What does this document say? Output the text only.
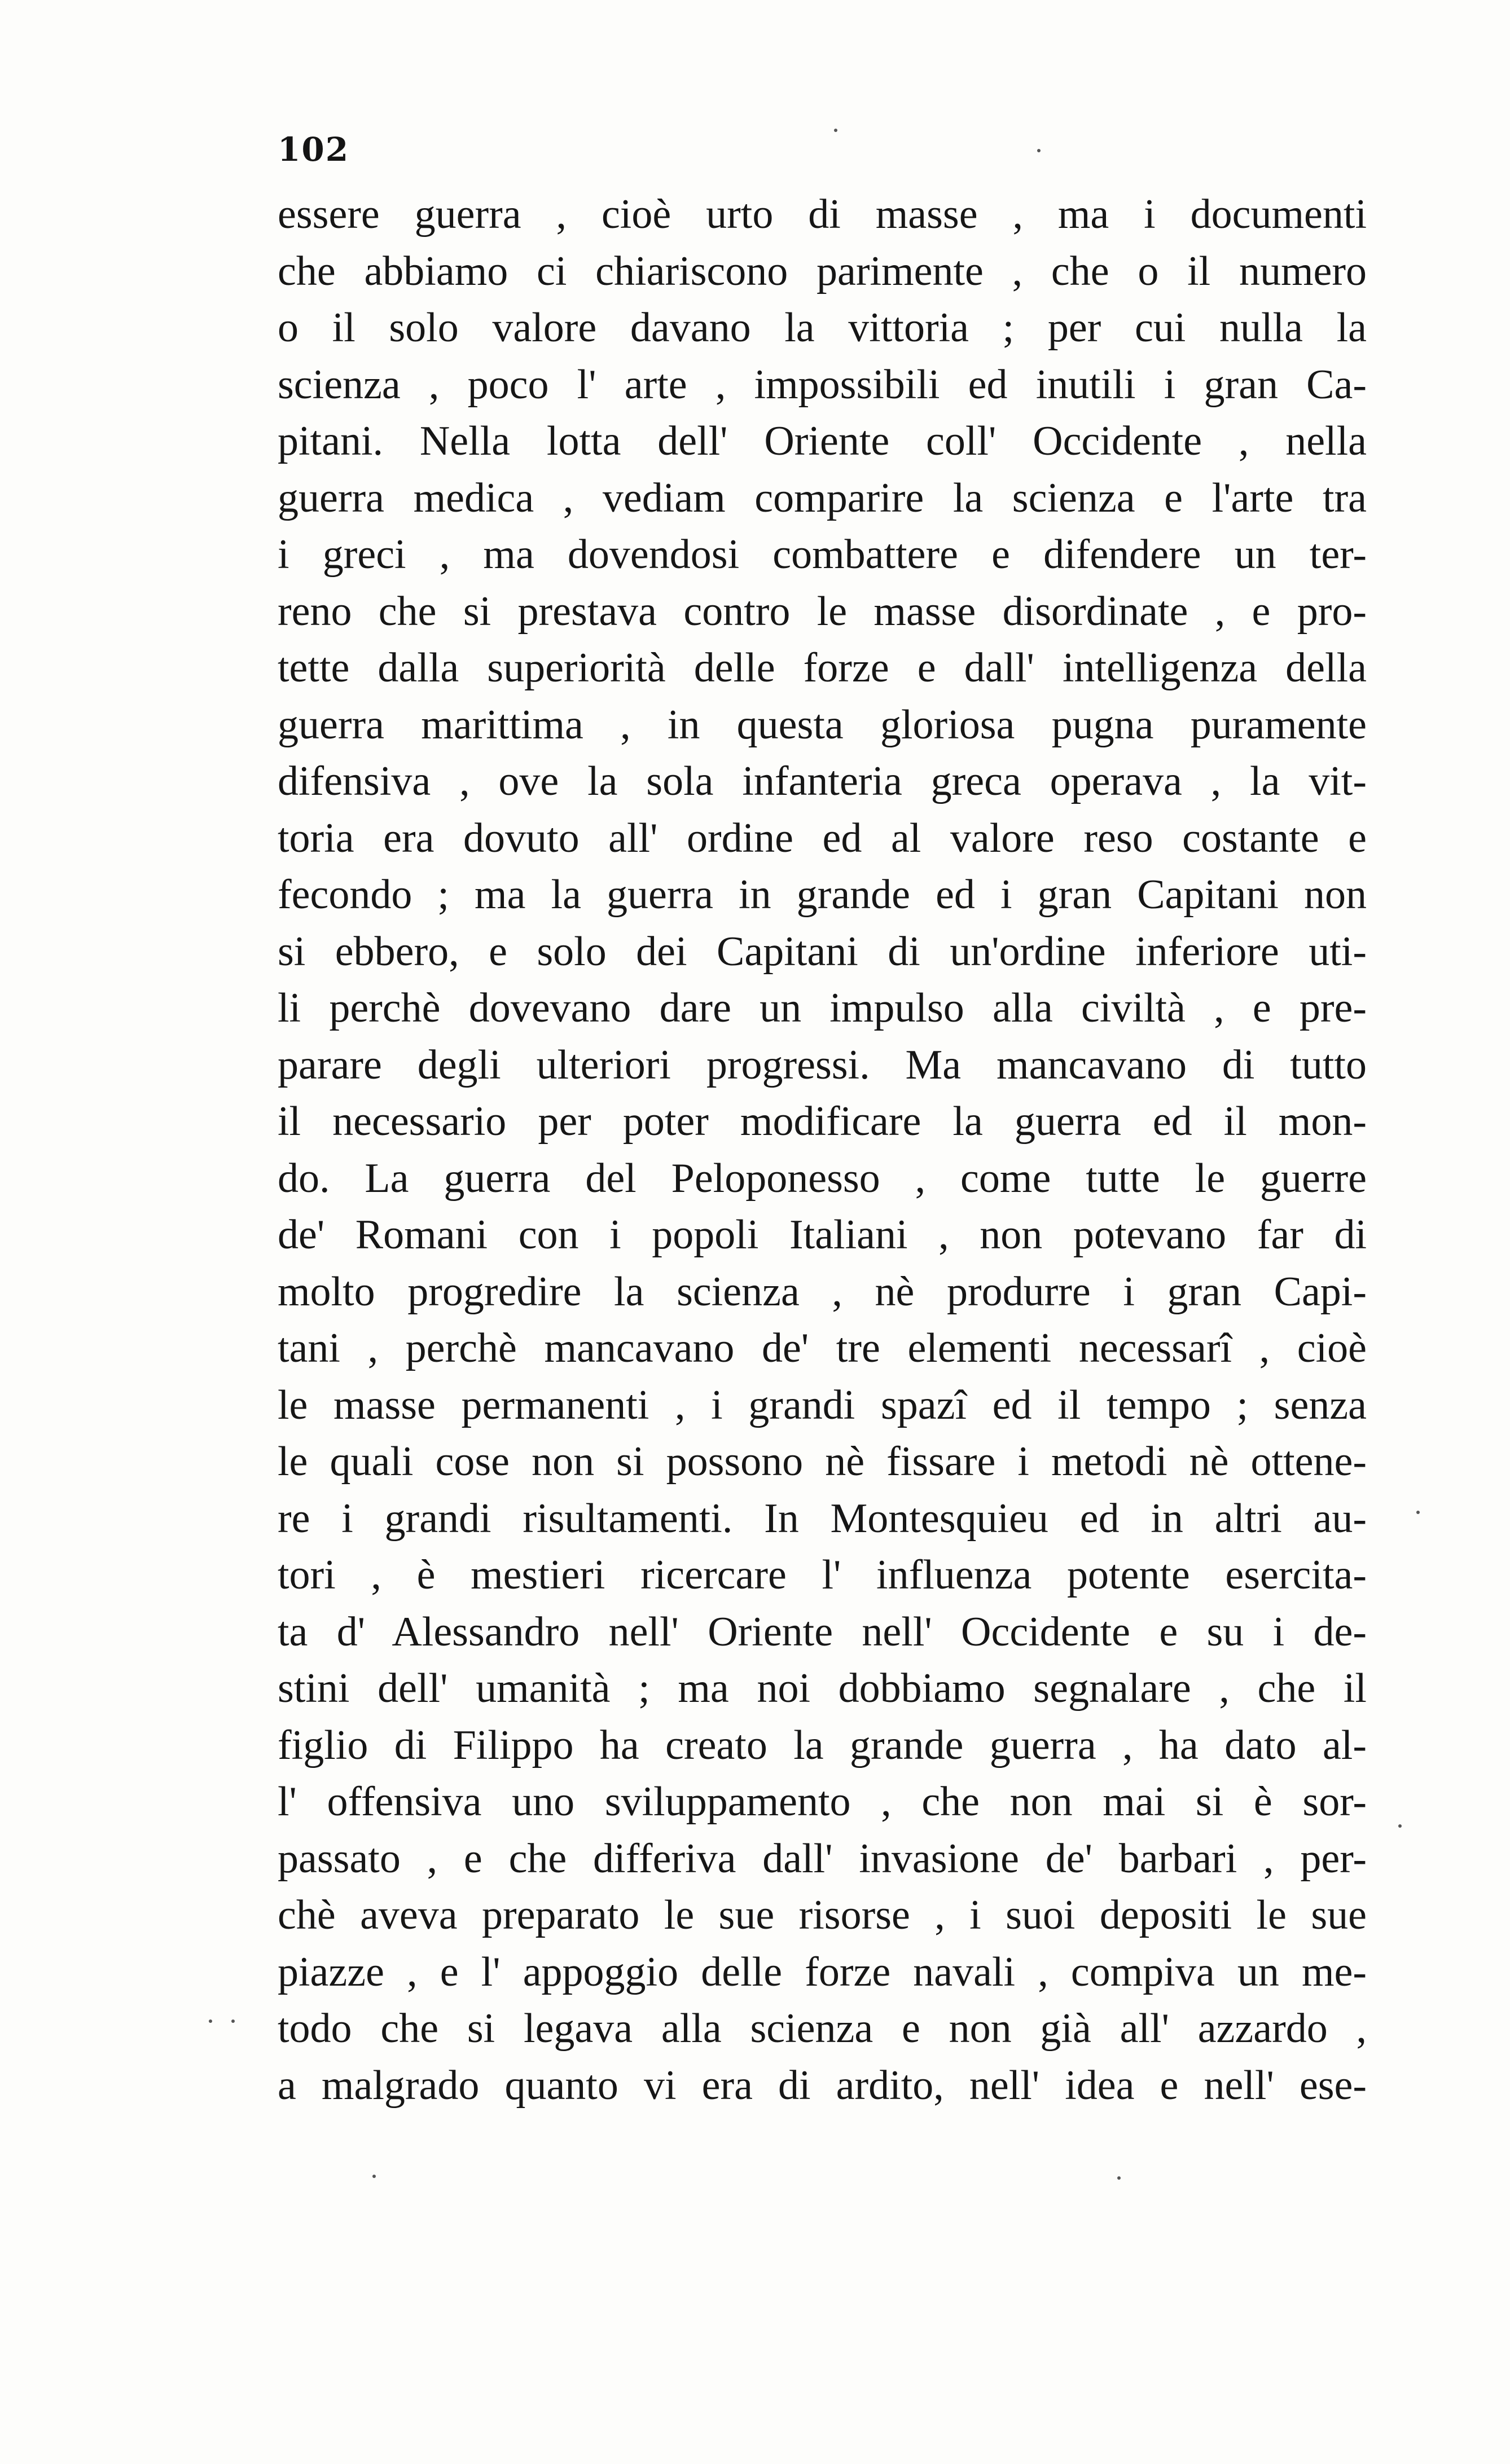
102
essere guerra , cioè urto di masse , ma i documenti
che abbiamo ci chiariscono parimente , che o il numero
o il solo valore davano la vittoria ; per cui nulla la
scienza , poco l' arte , impossibili ed inutili i gran Ca-
pitani. Nella lotta dell' Oriente coll' Occidente , nella
guerra medica , vediam comparire la scienza e l'arte tra
i greci , ma dovendosi combattere e difendere un ter-
reno che si prestava contro le masse disordinate , e pro-
tette dalla superiorità delle forze e dall' intelligenza della
guerra marittima , in questa gloriosa pugna puramente
difensiva , ove la sola infanteria greca operava , la vit-
toria era dovuto all' ordine ed al valore reso costante e
fecondo ; ma la guerra in grande ed i gran Capitani non
si ebbero, e solo dei Capitani di un'ordine inferiore uti-
li perchè dovevano dare un impulso alla civiltà , e pre-
parare degli ulteriori progressi. Ma mancavano di tutto
il necessario per poter modificare la guerra ed il mon-
do. La guerra del Peloponesso , come tutte le guerre
de' Romani con i popoli Italiani , non potevano far di
molto progredire la scienza , nè produrre i gran Capi-
tani , perchè mancavano de' tre elementi necessarî , cioè
le masse permanenti , i grandi spazî ed il tempo ; senza
le quali cose non si possono nè fissare i metodi nè ottene-
re i grandi risultamenti. In Montesquieu ed in altri au-
tori , è mestieri ricercare l' influenza potente esercita-
ta d' Alessandro nell' Oriente nell' Occidente e su i de-
stini dell' umanità ; ma noi dobbiamo segnalare , che il
figlio di Filippo ha creato la grande guerra , ha dato al-
l' offensiva uno sviluppamento , che non mai si è sor-
passato , e che differiva dall' invasione de' barbari , per-
chè aveva preparato le sue risorse , i suoi depositi le sue
piazze , e l' appoggio delle forze navali , compiva un me-
todo che si legava alla scienza e non già all' azzardo ,
a malgrado quanto vi era di ardito, nell' idea e nell' ese-
